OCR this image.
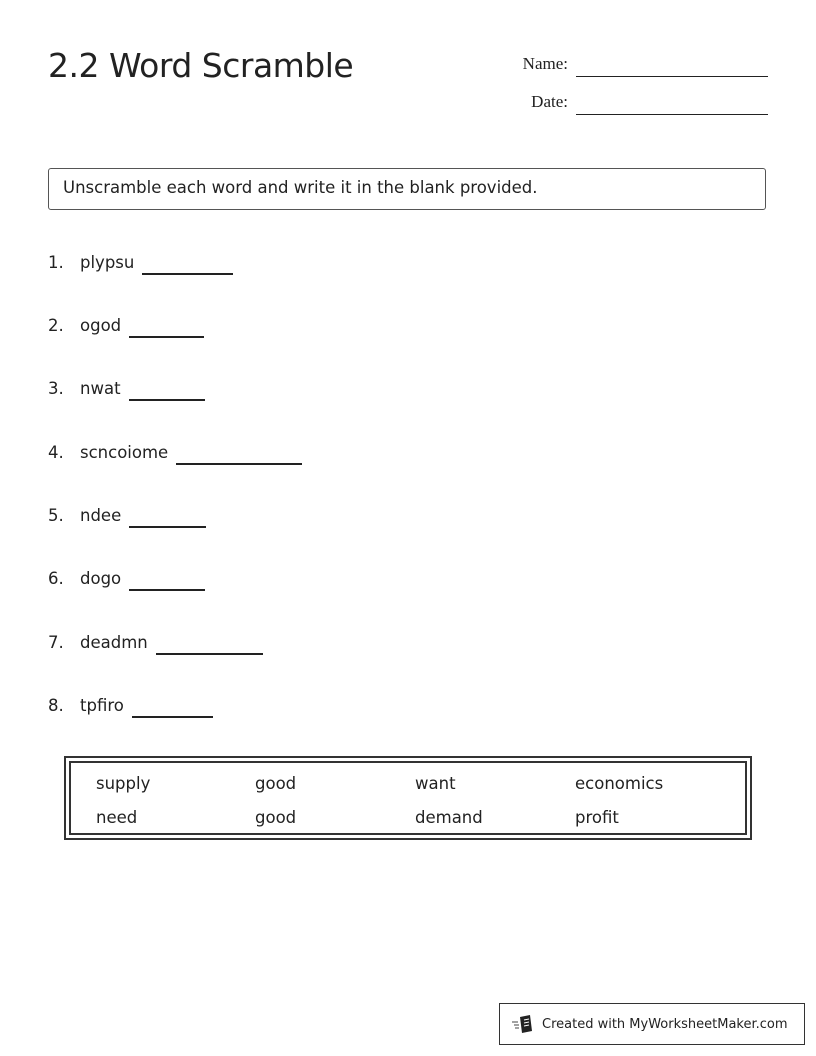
2.2 Word Scramble	Name:
Date:
Unscramble each word and write it in the blank provided.
1. plypsu
2. ogod
3. nwat
4. scncoiome
5. ndee
6. dogo
7. deadmn
8. tpfiro
supply	good	want	economics
need	good	demand	profit
Created with MyWorksheetMaker.com
